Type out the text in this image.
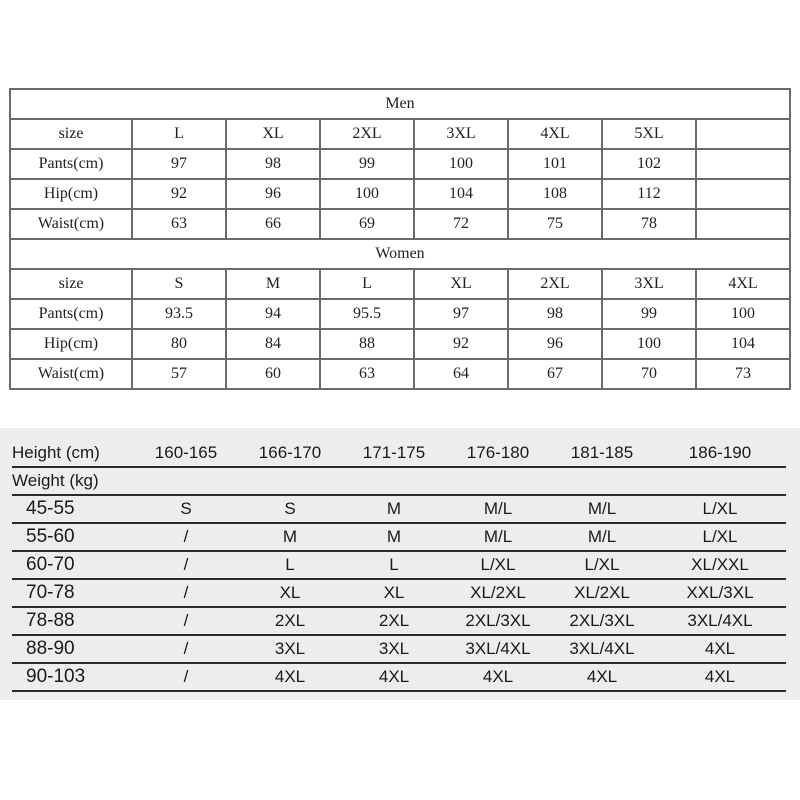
Men							
size	L	XL	2XL	3XL	4XL	5XL	
Pants(cm)	97	98	99	100	101	102	
Hip(cm)	92	96	100	104	108	112	
Waist(cm)	63	66	69	72	75	78	
Women							
size	S	M	L	XL	2XL	3XL	4XL
Pants(cm)	93.5	94	95.5	97	98	99	100
Hip(cm)	80	84	88	92	96	100	104
Waist(cm)	57	60	63	64	67	70	73
Height (cm)	160-165	166-170	171-175	176-180	181-185	186-190
Weight (kg)						
45-55	S	S	M	M/L	M/L	L/XL
55-60	/	M	M	M/L	M/L	L/XL
60-70	/	L	L	L/XL	L/XL	XL/XXL
70-78	/	XL	XL	XL/2XL	XL/2XL	XXL/3XL
78-88	/	2XL	2XL	2XL/3XL	2XL/3XL	3XL/4XL
88-90	/	3XL	3XL	3XL/4XL	3XL/4XL	4XL
90-103	/	4XL	4XL	4XL	4XL	4XL
